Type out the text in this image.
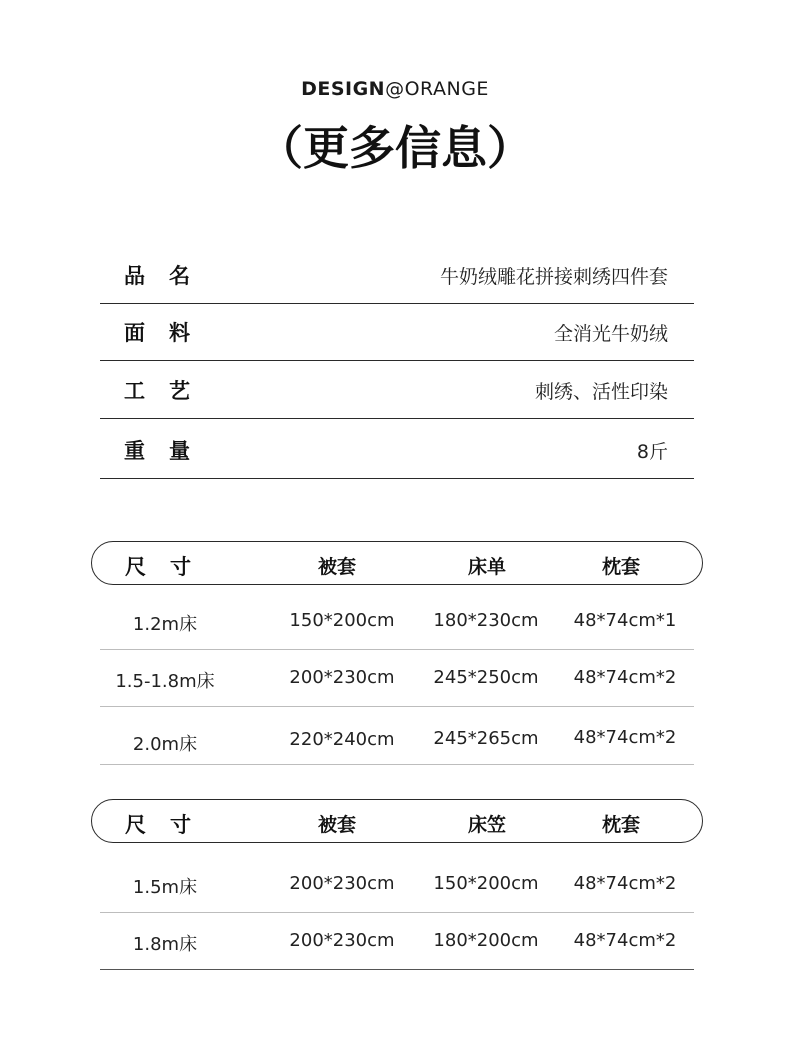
DESIGN@ORANGE
（更多信息）
品名	牛奶绒雕花拼接刺绣四件套
面料	全消光牛奶绒
工艺	刺绣、活性印染
重量	8斤
尺寸	被套	床单	枕套
1.2m床	150*200cm	180*230cm	48*74cm*1
1.5-1.8m床	200*230cm	245*250cm	48*74cm*2
2.0m床	220*240cm	245*265cm	48*74cm*2
尺寸	被套	床笠	枕套
1.5m床	200*230cm	150*200cm	48*74cm*2
1.8m床	200*230cm	180*200cm	48*74cm*2
